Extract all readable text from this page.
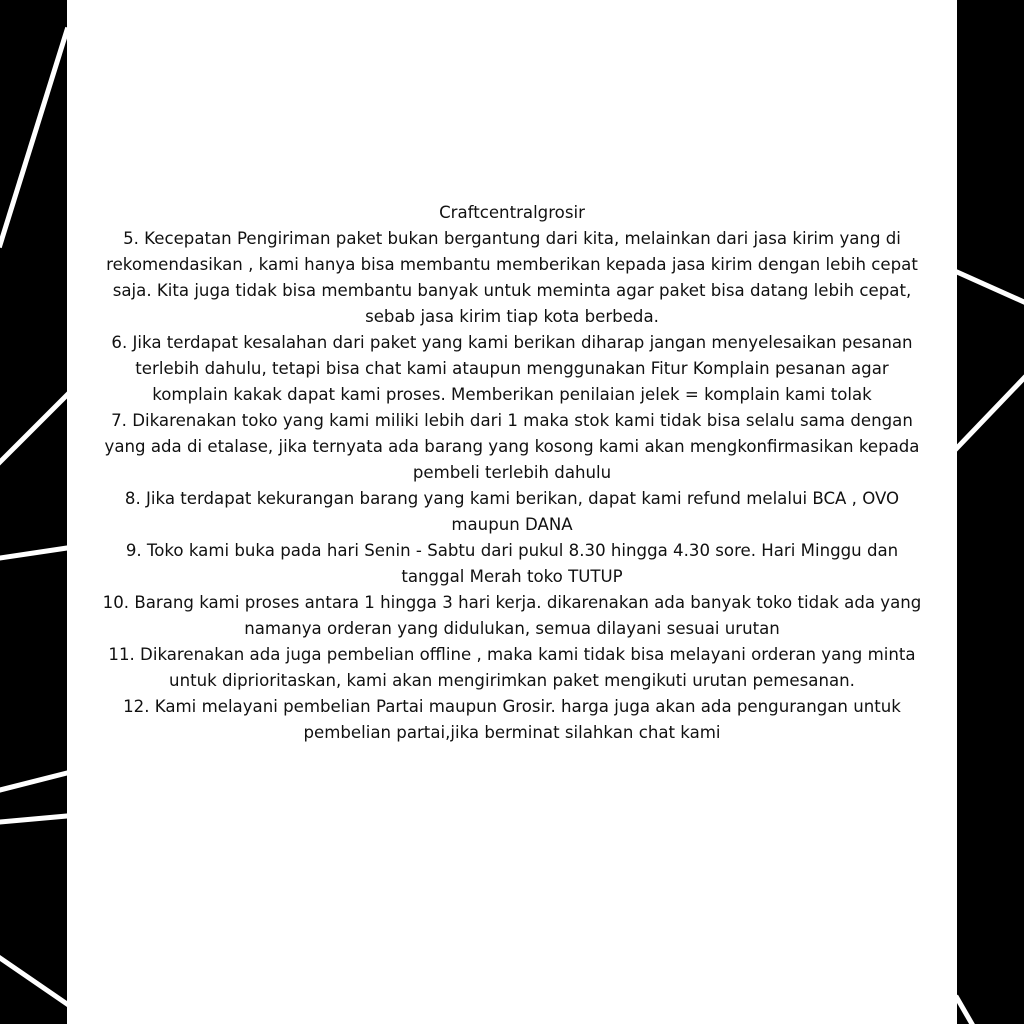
Craftcentralgrosir
5. Kecepatan Pengiriman paket bukan bergantung dari kita, melainkan dari jasa kirim yang di
rekomendasikan , kami hanya bisa membantu memberikan kepada jasa kirim dengan lebih cepat
saja. Kita juga tidak bisa membantu banyak untuk meminta agar paket bisa datang lebih cepat,
sebab jasa kirim tiap kota berbeda.
6. Jika terdapat kesalahan dari paket yang kami berikan diharap jangan menyelesaikan pesanan
terlebih dahulu, tetapi bisa chat kami ataupun menggunakan Fitur Komplain pesanan agar
komplain kakak dapat kami proses. Memberikan penilaian jelek = komplain kami tolak
7. Dikarenakan toko yang kami miliki lebih dari 1 maka stok kami tidak bisa selalu sama dengan
yang ada di etalase, jika ternyata ada barang yang kosong kami akan mengkonfirmasikan kepada
pembeli terlebih dahulu
8. Jika terdapat kekurangan barang yang kami berikan, dapat kami refund melalui BCA , OVO
maupun DANA
9. Toko kami buka pada hari Senin - Sabtu dari pukul 8.30 hingga 4.30 sore. Hari Minggu dan
tanggal Merah toko TUTUP
10. Barang kami proses antara 1 hingga 3 hari kerja. dikarenakan ada banyak toko tidak ada yang
namanya orderan yang didulukan, semua dilayani sesuai urutan
11. Dikarenakan ada juga pembelian offline , maka kami tidak bisa melayani orderan yang minta
untuk diprioritaskan, kami akan mengirimkan paket mengikuti urutan pemesanan.
12. Kami melayani pembelian Partai maupun Grosir. harga juga akan ada pengurangan untuk
pembelian partai,jika berminat silahkan chat kami
